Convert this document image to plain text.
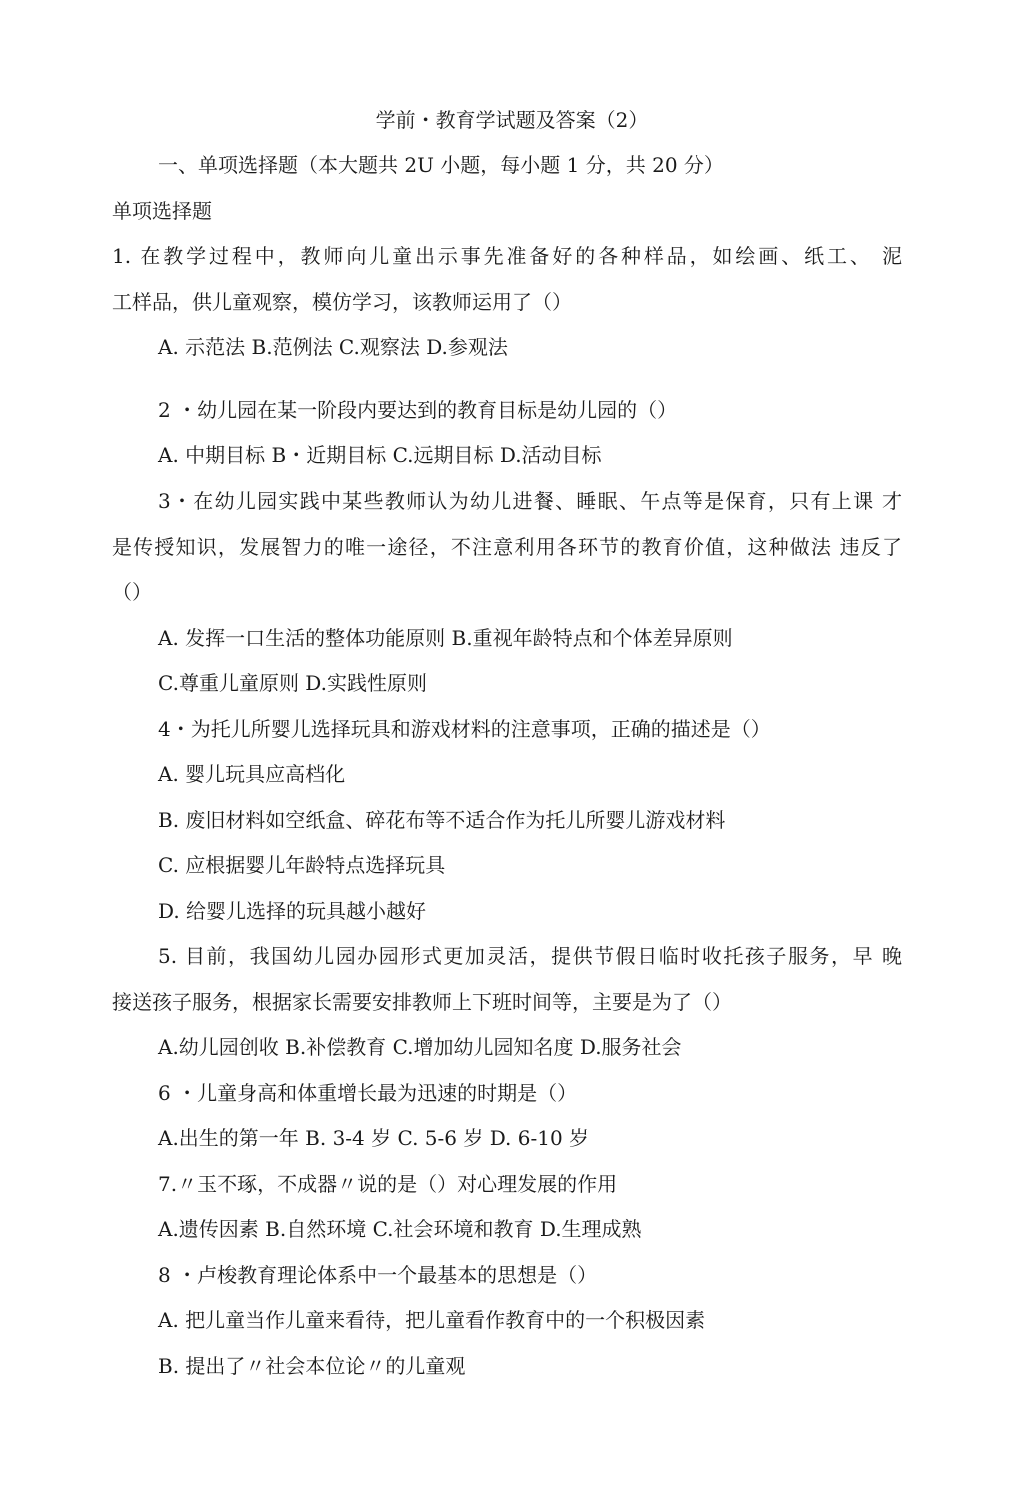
学前・教育学试题及答案（2）
一、单项选择题（本大题共 2U 小题，每小题 1 分，共 20 分）
单项选择题
1. 在教学过程中，教师向儿童出示事先准备好的各种样品，如绘画、纸工、 泥
工样品，供儿童观察，模仿学习，该教师运用了（）
A. 示范法 B.范例法 C.观察法 D.参观法
2 ・幼儿园在某一阶段内要达到的教育目标是幼儿园的（）
A. 中期目标 B・近期目标 C.远期目标 D.活动目标
3・在幼儿园实践中某些教师认为幼儿进餐、睡眠、午点等是保育，只有上课 才
是传授知识，发展智力的唯一途径，不注意利用各环节的教育价值，这种做法 违反了
（）
A. 发挥一口生活的整体功能原则 B.重视年龄特点和个体差异原则
C.尊重儿童原则 D.实践性原则
4・为托儿所婴儿选择玩具和游戏材料的注意事项，正确的描述是（）
A. 婴儿玩具应高档化
B. 废旧材料如空纸盒、碎花布等不适合作为托儿所婴儿游戏材料
C. 应根据婴儿年龄特点选择玩具
D. 给婴儿选择的玩具越小越好
5. 目前，我国幼儿园办园形式更加灵活，提供节假日临时收托孩子服务，早 晚
接送孩子服务，根据家长需要安排教师上下班时间等，主要是为了（）
A.幼儿园创收 B.补偿教育 C.增加幼儿园知名度 D.服务社会
6 ・儿童身高和体重增长最为迅速的时期是（）
A.出生的第一年 B. 3-4 岁 C. 5-6 岁 D. 6-10 岁
7.〃玉不琢，不成器〃说的是（）对心理发展的作用
A.遗传因素 B.自然环境 C.社会环境和教育 D.生理成熟
8 ・卢梭教育理论体系中一个最基本的思想是（）
A. 把儿童当作儿童来看待，把儿童看作教育中的一个积极因素
B. 提出了〃社会本位论〃的儿童观
